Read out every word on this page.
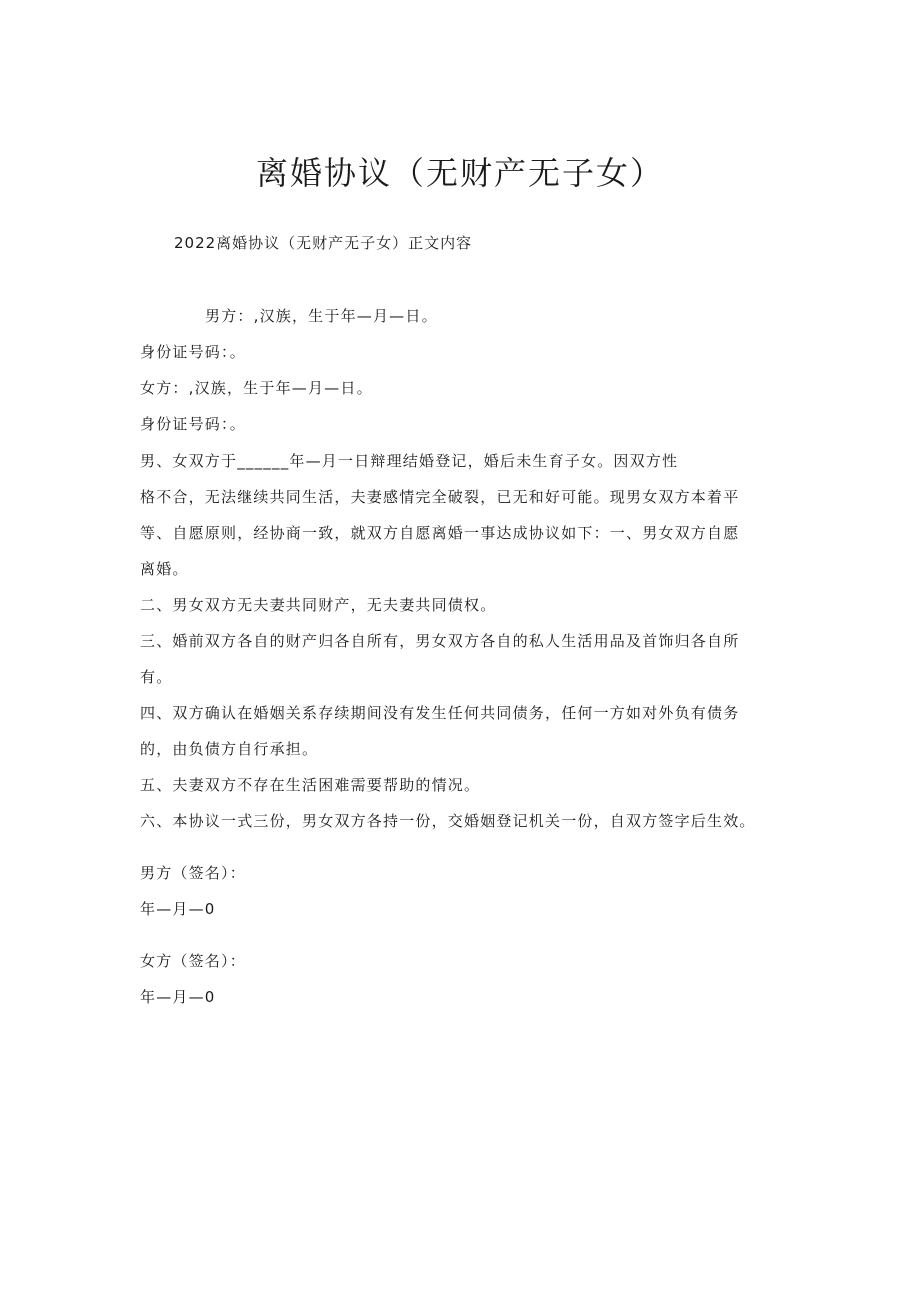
离婚协议（无财产无子女）
2022离婚协议（无财产无子女）正文内容
男方：,汉族，生于年—月—日。
身份证号码：。
女方：,汉族，生于年—月—日。
身份证号码：。
男、女双方于______年—月一日辩理结婚登记，婚后未生育子女。因双方性
格不合，无法继续共同生活，夫妻感情完全破裂，已无和好可能。现男女双方本着平
等、自愿原则，经协商一致，就双方自愿离婚一事达成协议如下：一、男女双方自愿
离婚。
二、男女双方无夫妻共同财产，无夫妻共同债权。
三、婚前双方各自的财产归各自所有，男女双方各自的私人生活用品及首饰归各自所
有。
四、双方确认在婚姻关系存续期间没有发生任何共同债务，任何一方如对外负有债务
的，由负债方自行承担。
五、夫妻双方不存在生活困难需要帮助的情况。
六、本协议一式三份，男女双方各持一份，交婚姻登记机关一份，自双方签字后生效。
男方（签名）：
年—月—0
女方（签名）：
年—月—0
